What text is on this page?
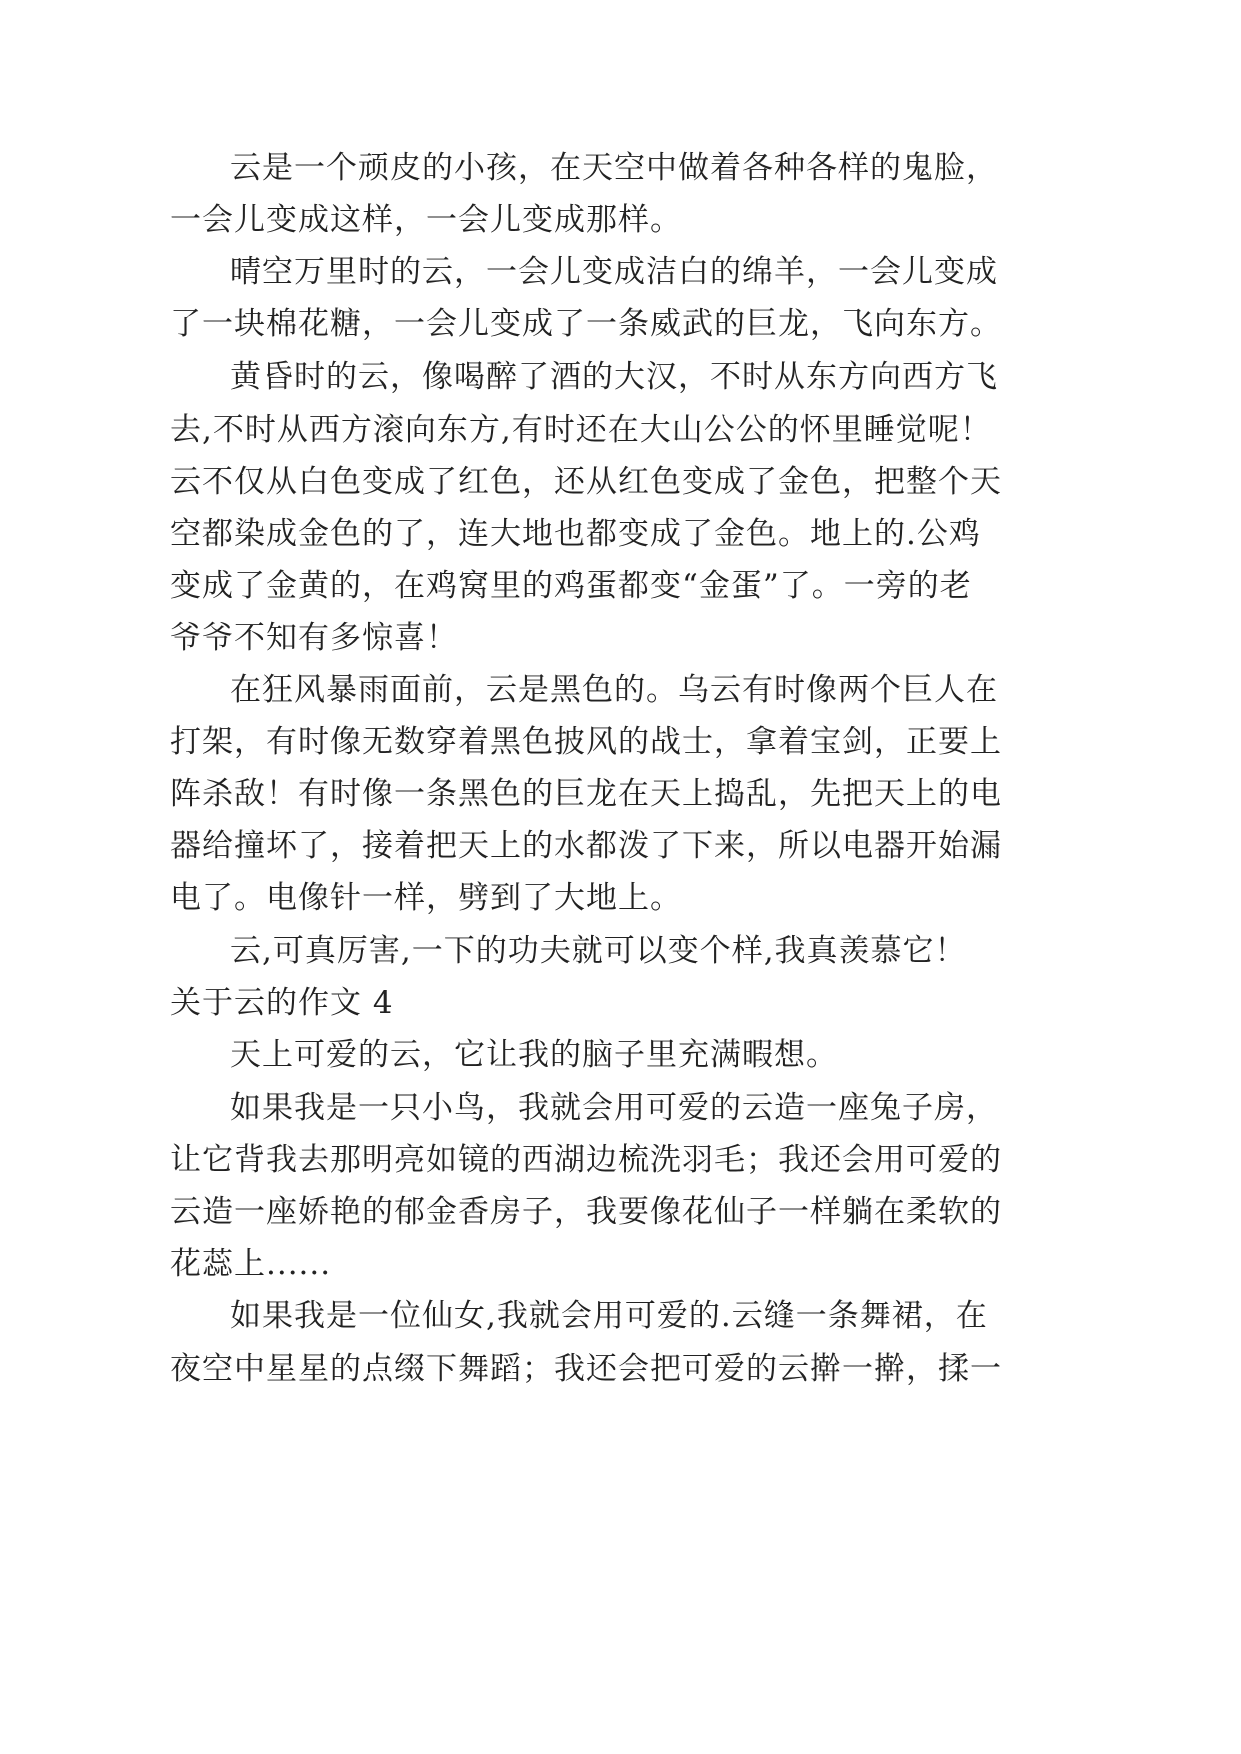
云是一个顽皮的小孩，在天空中做着各种各样的鬼脸，
一会儿变成这样，一会儿变成那样。
晴空万里时的云，一会儿变成洁白的绵羊，一会儿变成
了一块棉花糖，一会儿变成了一条威武的巨龙，飞向东方。
黄昏时的云，像喝醉了酒的大汉，不时从东方向西方飞
去,不时从西方滚向东方,有时还在大山公公的怀里睡觉呢！
云不仅从白色变成了红色，还从红色变成了金色，把整个天
空都染成金色的了，连大地也都变成了金色。地上的.公鸡
变成了金黄的，在鸡窝里的鸡蛋都变“金蛋”了。一旁的老
爷爷不知有多惊喜！
在狂风暴雨面前，云是黑色的。乌云有时像两个巨人在
打架，有时像无数穿着黑色披风的战士，拿着宝剑，正要上
阵杀敌！有时像一条黑色的巨龙在天上捣乱，先把天上的电
器给撞坏了，接着把天上的水都泼了下来，所以电器开始漏
电了。电像针一样，劈到了大地上。
云,可真厉害,一下的功夫就可以变个样,我真羡慕它！
关于云的作文 4
天上可爱的云，它让我的脑子里充满暇想。
如果我是一只小鸟，我就会用可爱的云造一座兔子房，
让它背我去那明亮如镜的西湖边梳洗羽毛；我还会用可爱的
云造一座娇艳的郁金香房子，我要像花仙子一样躺在柔软的
花蕊上......
如果我是一位仙女,我就会用可爱的.云缝一条舞裙，在
夜空中星星的点缀下舞蹈；我还会把可爱的云擀一擀，揉一
